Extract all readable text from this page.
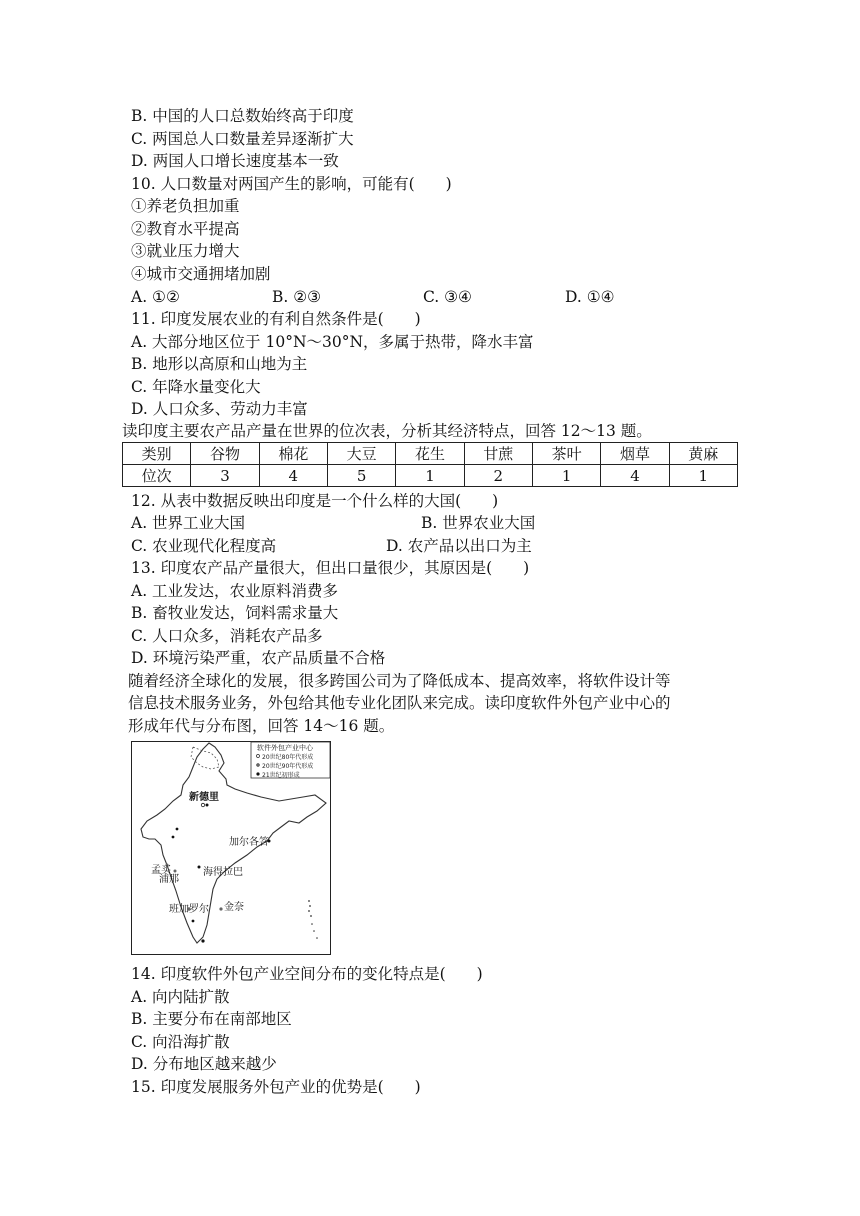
B. 中国的人口总数始终高于印度
C. 两国总人口数量差异逐渐扩大
D. 两国人口增长速度基本一致
10. 人口数量对两国产生的影响，可能有(　　)
①养老负担加重
②教育水平提高
③就业压力增大
④城市交通拥堵加剧
A. ①②	B. ②③	C. ③④	D. ①④
11. 印度发展农业的有利自然条件是(　　)
A. 大部分地区位于 10°N～30°N，多属于热带，降水丰富
B. 地形以高原和山地为主
C. 年降水量变化大
D. 人口众多、劳动力丰富
读印度主要农产品产量在世界的位次表，分析其经济特点，回答 12～13 题。
类别	谷物	棉花	大豆	花生	甘蔗	茶叶	烟草	黄麻
位次	3	4	5	1	2	1	4	1
12. 从表中数据反映出印度是一个什么样的大国(　　)
A. 世界工业大国	B. 世界农业大国
C. 农业现代化程度高	D. 农产品以出口为主
13. 印度农产品产量很大，但出口量很少，其原因是(　　)
A. 工业发达，农业原料消费多
B. 畜牧业发达，饲料需求量大
C. 人口众多，消耗农产品多
D. 环境污染严重，农产品质量不合格
随着经济全球化的发展，很多跨国公司为了降低成本、提高效率，将软件设计等
信息技术服务业务，外包给其他专业化团队来完成。读印度软件外包产业中心的
形成年代与分布图，回答 14～16 题。
软件外包产业中心
20世纪80年代形成
20世纪90年代形成
21世纪初形成
新德里
加尔各答
孟买
浦那
海得拉巴
班加罗尔 金奈
14. 印度软件外包产业空间分布的变化特点是(　　)
A. 向内陆扩散
B. 主要分布在南部地区
C. 向沿海扩散
D. 分布地区越来越少
15. 印度发展服务外包产业的优势是(　　)
